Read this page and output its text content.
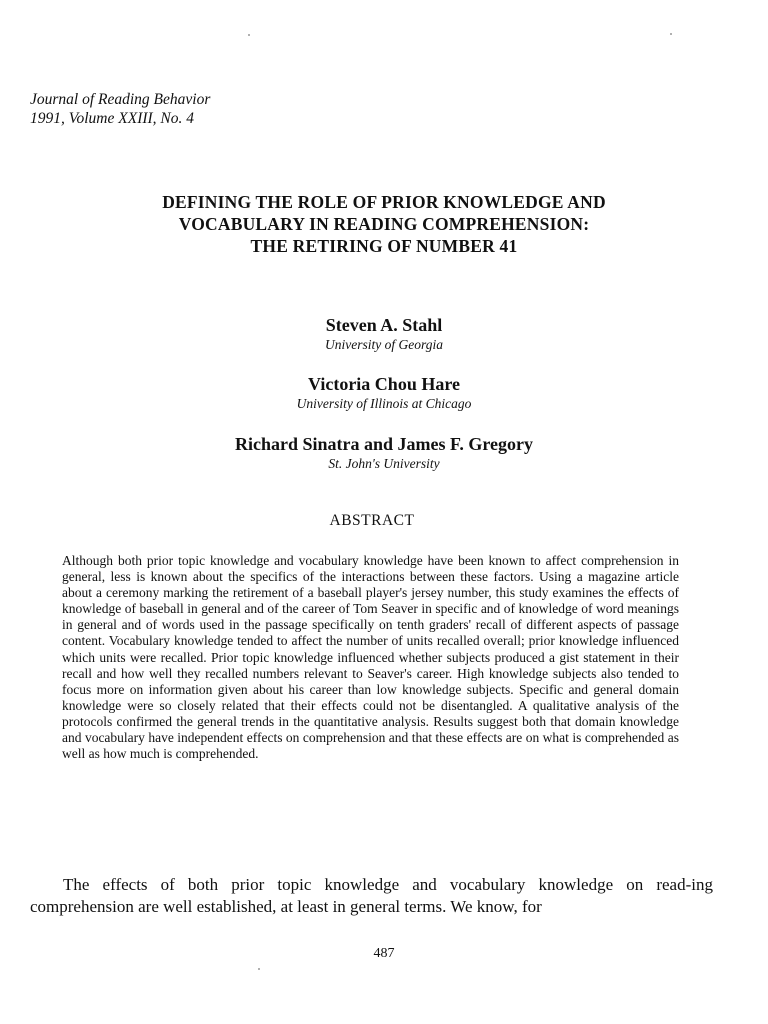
Journal of Reading Behavior
1991, Volume XXIII, No. 4
DEFINING THE ROLE OF PRIOR KNOWLEDGE AND
VOCABULARY IN READING COMPREHENSION:
THE RETIRING OF NUMBER 41
Steven A. Stahl
University of Georgia
Victoria Chou Hare
University of Illinois at Chicago
Richard Sinatra and James F. Gregory
St. John's University
ABSTRACT
Although both prior topic knowledge and vocabulary knowledge have been known to affect comprehension in general, less is known about the specifics of the interactions between these factors. Using a magazine article about a ceremony marking the retirement of a baseball player's jersey number, this study examines the effects of knowledge of baseball in general and of the career of Tom Seaver in specific and of knowledge of word meanings in general and of words used in the passage specifically on tenth graders' recall of different aspects of passage content. Vocabulary knowledge tended to affect the number of units recalled overall; prior knowledge influenced which units were recalled. Prior topic knowledge influenced whether subjects produced a gist statement in their recall and how well they recalled numbers relevant to Seaver's career. High knowledge subjects also tended to focus more on information given about his career than low knowledge subjects. Specific and general domain knowledge were so closely related that their effects could not be disentangled. A qualitative analysis of the protocols confirmed the general trends in the quantitative analysis. Results suggest both that domain knowledge and vocabulary have independent effects on comprehension and that these effects are on what is comprehended as well as how much is comprehended.
The effects of both prior topic knowledge and vocabulary knowledge on read-ing comprehension are well established, at least in general terms. We know, for
487
